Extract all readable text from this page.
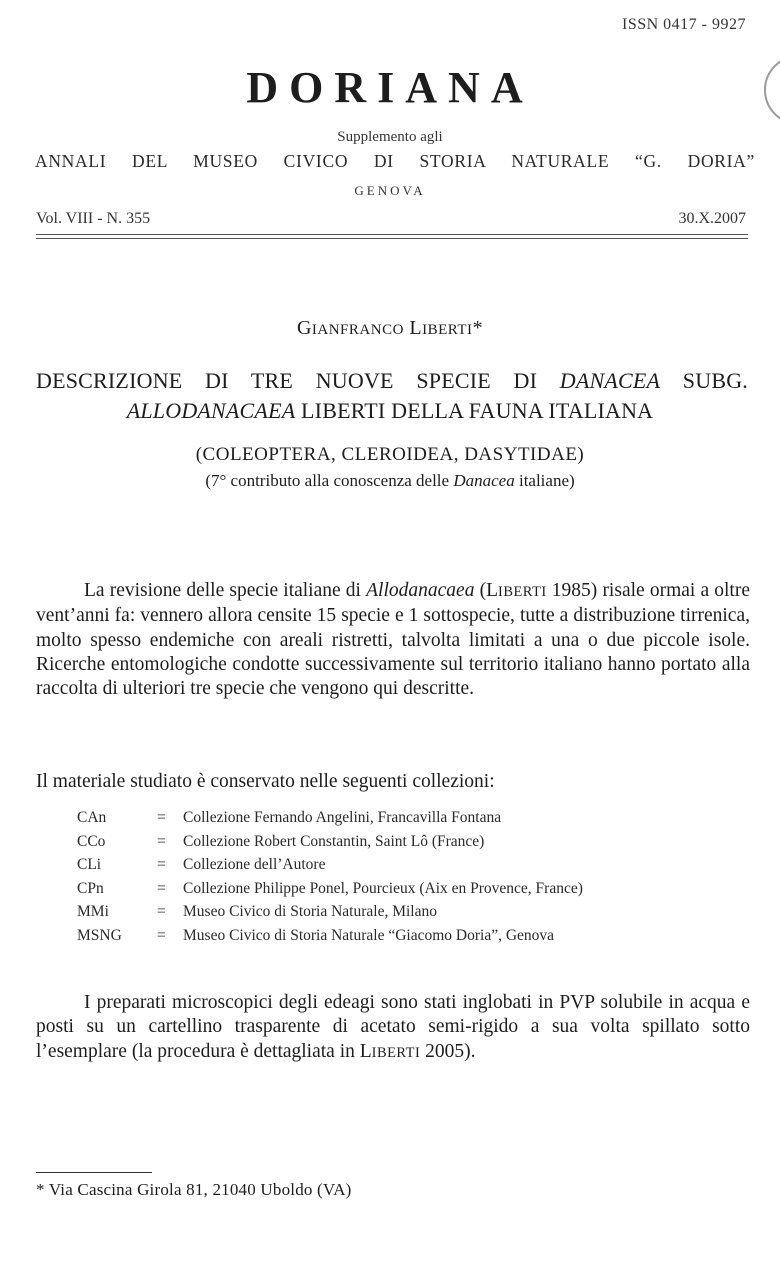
ISSN 0417 - 9927
DORIANA
Supplemento agli
ANNALI DEL MUSEO CIVICO DI STORIA NATURALE “G. DORIA”
GENOVA
Vol. VIII - N. 355	30.X.2007
GIANFRANCO LIBERTI*
DESCRIZIONE DI TRE NUOVE SPECIE DI DANACEA SUBG.
ALLODANACAEA LIBERTI DELLA FAUNA ITALIANA
(COLEOPTERA, CLEROIDEA, DASYTIDAE)
(7° contributo alla conoscenza delle Danacea italiane)

La revisione delle specie italiane di Allodanacaea (LIBERTI 1985) risale ormai a oltre vent’anni fa: vennero allora censite 15 specie e 1 sottospecie, tutte a distribuzione tirrenica, molto spesso endemiche con areali ristretti, talvolta limitati a una o due piccole isole. Ricerche entomologiche condotte successivamente sul territorio italiano hanno portato alla raccolta di ulteriori tre specie che vengono qui descritte.

Il materiale studiato è conservato nelle seguenti collezioni:
CAn	=	Collezione Fernando Angelini, Francavilla Fontana
CCo	=	Collezione Robert Constantin, Saint Lô (France)
CLi	=	Collezione dell’Autore
CPn	=	Collezione Philippe Ponel, Pourcieux (Aix en Provence, France)
MMi	=	Museo Civico di Storia Naturale, Milano
MSNG	=	Museo Civico di Storia Naturale “Giacomo Doria”, Genova

I preparati microscopici degli edeagi sono stati inglobati in PVP solubile in acqua e posti su un cartellino trasparente di acetato semi-rigido a sua volta spillato sotto l’esemplare (la procedura è dettagliata in LIBERTI 2005).

* Via Cascina Girola 81, 21040 Uboldo (VA)
